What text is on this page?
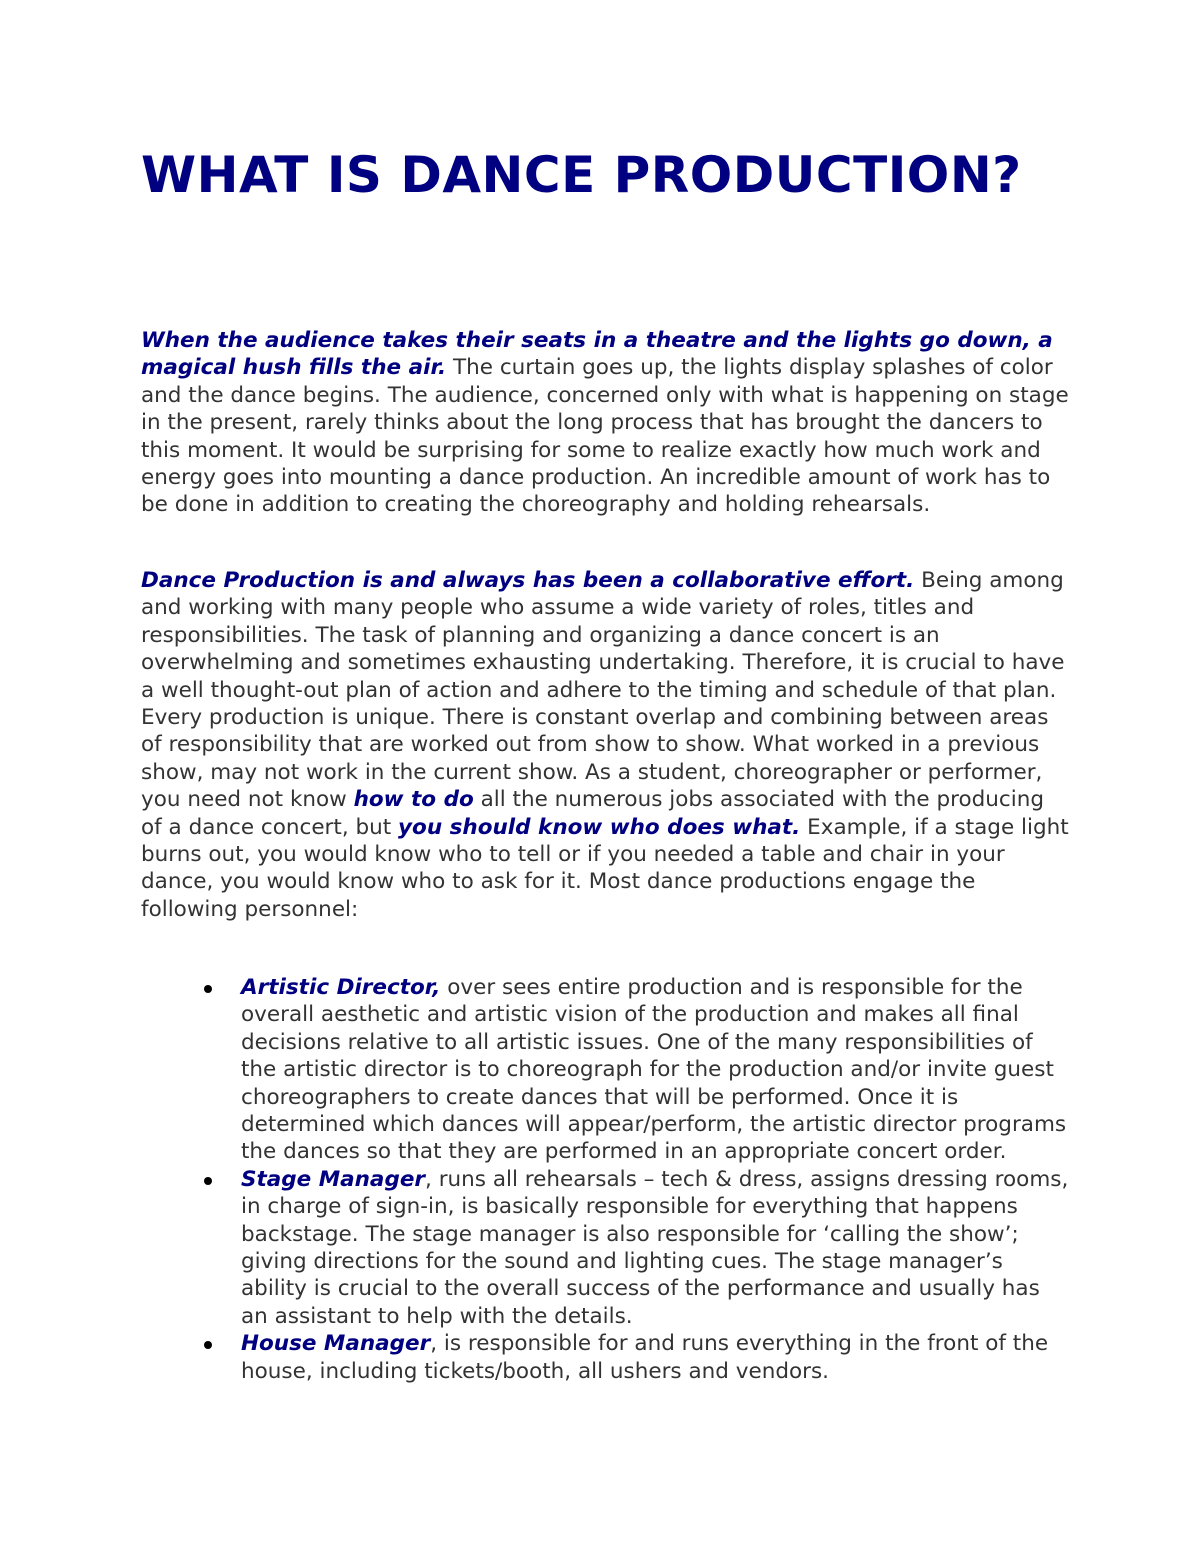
WHAT IS DANCE PRODUCTION?

When the audience takes their seats in a theatre and the lights go down, a magical hush fills the air. The curtain goes up, the lights display splashes of color and the dance begins. The audience, concerned only with what is happening on stage in the present, rarely thinks about the long process that has brought the dancers to this moment. It would be surprising for some to realize exactly how much work and energy goes into mounting a dance production. An incredible amount of work has to be done in addition to creating the choreography and holding rehearsals.

Dance Production is and always has been a collaborative effort. Being among and working with many people who assume a wide variety of roles, titles and responsibilities. The task of planning and organizing a dance concert is an overwhelming and sometimes exhausting undertaking. Therefore, it is crucial to have a well thought-out plan of action and adhere to the timing and schedule of that plan. Every production is unique. There is constant overlap and combining between areas of responsibility that are worked out from show to show. What worked in a previous show, may not work in the current show. As a student, choreographer or performer, you need not know how to do all the numerous jobs associated with the producing of a dance concert, but you should know who does what. Example, if a stage light burns out, you would know who to tell or if you needed a table and chair in your dance, you would know who to ask for it. Most dance productions engage the following personnel:

Artistic Director, over sees entire production and is responsible for the overall aesthetic and artistic vision of the production and makes all final decisions relative to all artistic issues. One of the many responsibilities of the artistic director is to choreograph for the production and/or invite guest choreographers to create dances that will be performed. Once it is determined which dances will appear/perform, the artistic director programs the dances so that they are performed in an appropriate concert order.
Stage Manager, runs all rehearsals – tech & dress, assigns dressing rooms, in charge of sign-in, is basically responsible for everything that happens backstage. The stage manager is also responsible for ‘calling the show’; giving directions for the sound and lighting cues. The stage manager’s ability is crucial to the overall success of the performance and usually has an assistant to help with the details.
House Manager, is responsible for and runs everything in the front of the house, including tickets/booth, all ushers and vendors.
